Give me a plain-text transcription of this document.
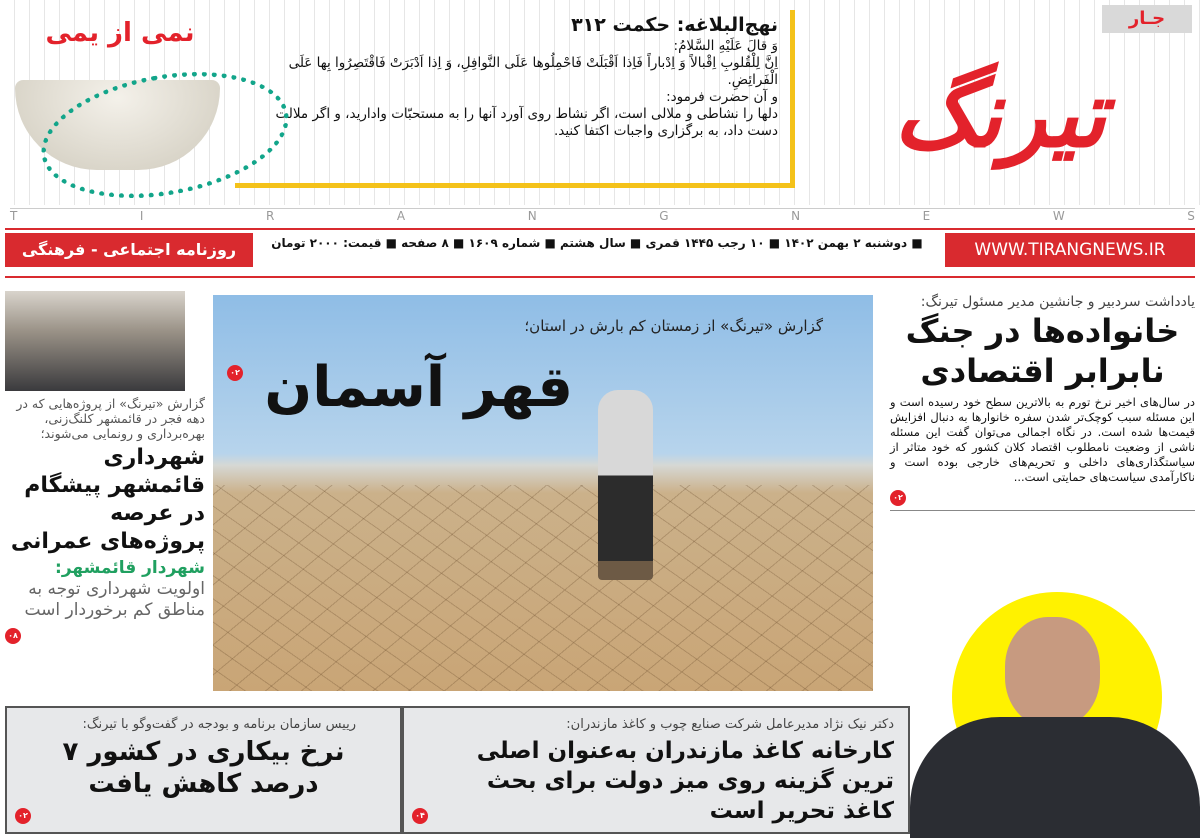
جـار
تیرنگ
نهج‌البلاغه: حکمت ۳۱۲

وَ قالَ عَلَیْهِ السَّلامُ:

اِنَّ لِلْقُلوبِ اِقْبالاً وَ اِدْباراً فَاِذا اَقْبَلَتْ فَاحْمِلُوها عَلَی النَّوافِلِ، وَ اِذا اَدْبَرَتْ فَاقْتَصِرُوا بِها عَلَی الْفَرائِضِ.

و آن حضرت فرمود:

دلها را نشاطی و ملالی است، اگر نشاط روی آورد آنها را به مستحبّات وادارید، و اگر ملالت دست داد، به برگزاری واجبات اکتفا کنید.

نمی از یمی
T	I	R	A	N	G	N	E	W	S
روزنامه اجتماعی - فرهنگی	■ دوشنبه ۲ بهمن ۱۴۰۲ ■ ۱۰ رجب ۱۴۴۵ قمری ■ سال هشتم ■ شماره ۱۶۰۹ ■ ۸ صفحه ■ قیمت: ۲۰۰۰ تومان	WWW.TIRANGNEWS.IR
گزارش «تیرنگ» از پروژه‌هایی که در دهه فجر در قائمشهر کلنگ‌زنی، بهره‌برداری و رونمایی می‌شوند؛
شهرداری قائمشهر پیشگام در عرصه پروژه‌های عمرانی
شهردار قائمشهر:
اولویت شهرداری توجه به مناطق کم برخوردار است
۰۸
گزارش «تیرنگ» از زمستان کم بارش در استان؛
قهر آسمان
۰۲
یادداشت سردبیر و جانشین مدیر مسئول تیرنگ:
خانواده‌ها در جنگ نابرابر اقتصادی
در سال‌های اخیر نرخ تورم به بالاترین سطح خود رسیده است و این مسئله سبب کوچک‌تر شدن سفره خانوارها به دنبال افزایش قیمت‌ها شده است. در نگاه اجمالی می‌توان گفت این مسئله ناشی از وضعیت نامطلوب اقتصاد کلان کشور که خود متاثر از سیاستگذاری‌های داخلی و تحریم‌های خارجی بوده است و ناکارآمدی سیاست‌های حمایتی است...
۰۲
دکتر نیک نژاد مدیرعامل شرکت صنایع چوب و کاغذ مازندران:
کارخانه کاغذ مازندران به‌عنوان اصلی ترین گزینه روی میز دولت برای بحث کاغذ تحریر است
۰۴
رییس سازمان برنامه و بودجه در گفت‌وگو با تیرنگ:
نرخ بیکاری در کشور ۷ درصد کاهش یافت
۰۲
